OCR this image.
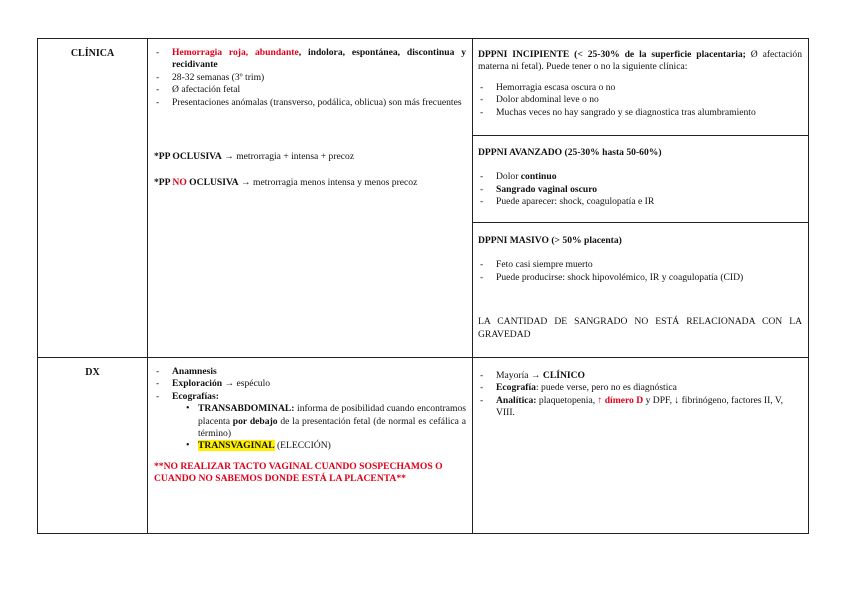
CLÍNICA	- Hemorragia roja, abundante, indolora, espontánea, discontinua y recidivante
- 28-32 semanas (3º trim)
- Ø afectación fetal
- Presentaciones anómalas (transverso, podálica, oblicua) son más frecuentes

*PP OCLUSIVA → metrorragia + intensa + precoz

*PP NO OCLUSIVA → metrorragia menos intensa y menos precoz

DPPNI INCIPIENTE (< 25-30% de la superficie placentaria; Ø afectación materna ni fetal). Puede tener o no la siguiente clínica:

- Hemorragia escasa oscura o no
- Dolor abdominal leve o no
- Muchas veces no hay sangrado y se diagnostica tras alumbramiento

DPPNI AVANZADO (25-30% hasta 50-60%)

- Dolor continuo
- Sangrado vaginal oscuro
- Puede aparecer: shock, coagulopatía e IR

DPPNI MASIVO (> 50% placenta)

- Feto casi siempre muerto
- Puede producirse: shock hipovolémico, IR y coagulopatía (CID)

LA CANTIDAD DE SANGRADO NO ESTÁ RELACIONADA CON LA GRAVEDAD

DX	- Anamnesis
- Exploración → espéculo
- Ecografías:
• TRANSABDOMINAL: informa de posibilidad cuando encontramos placenta por debajo de la presentación fetal (de normal es cefálica a término)
• TRANSVAGINAL (ELECCIÓN)

**NO REALIZAR TACTO VAGINAL CUANDO SOSPECHAMOS O CUANDO NO SABEMOS DONDE ESTÁ LA PLACENTA**

- Mayoría → CLÍNICO
- Ecografía: puede verse, pero no es diagnóstica
- Analítica: plaquetopenia, ↑ dímero D y DPF, ↓ fibrinógeno, factores II, V, VIII.
